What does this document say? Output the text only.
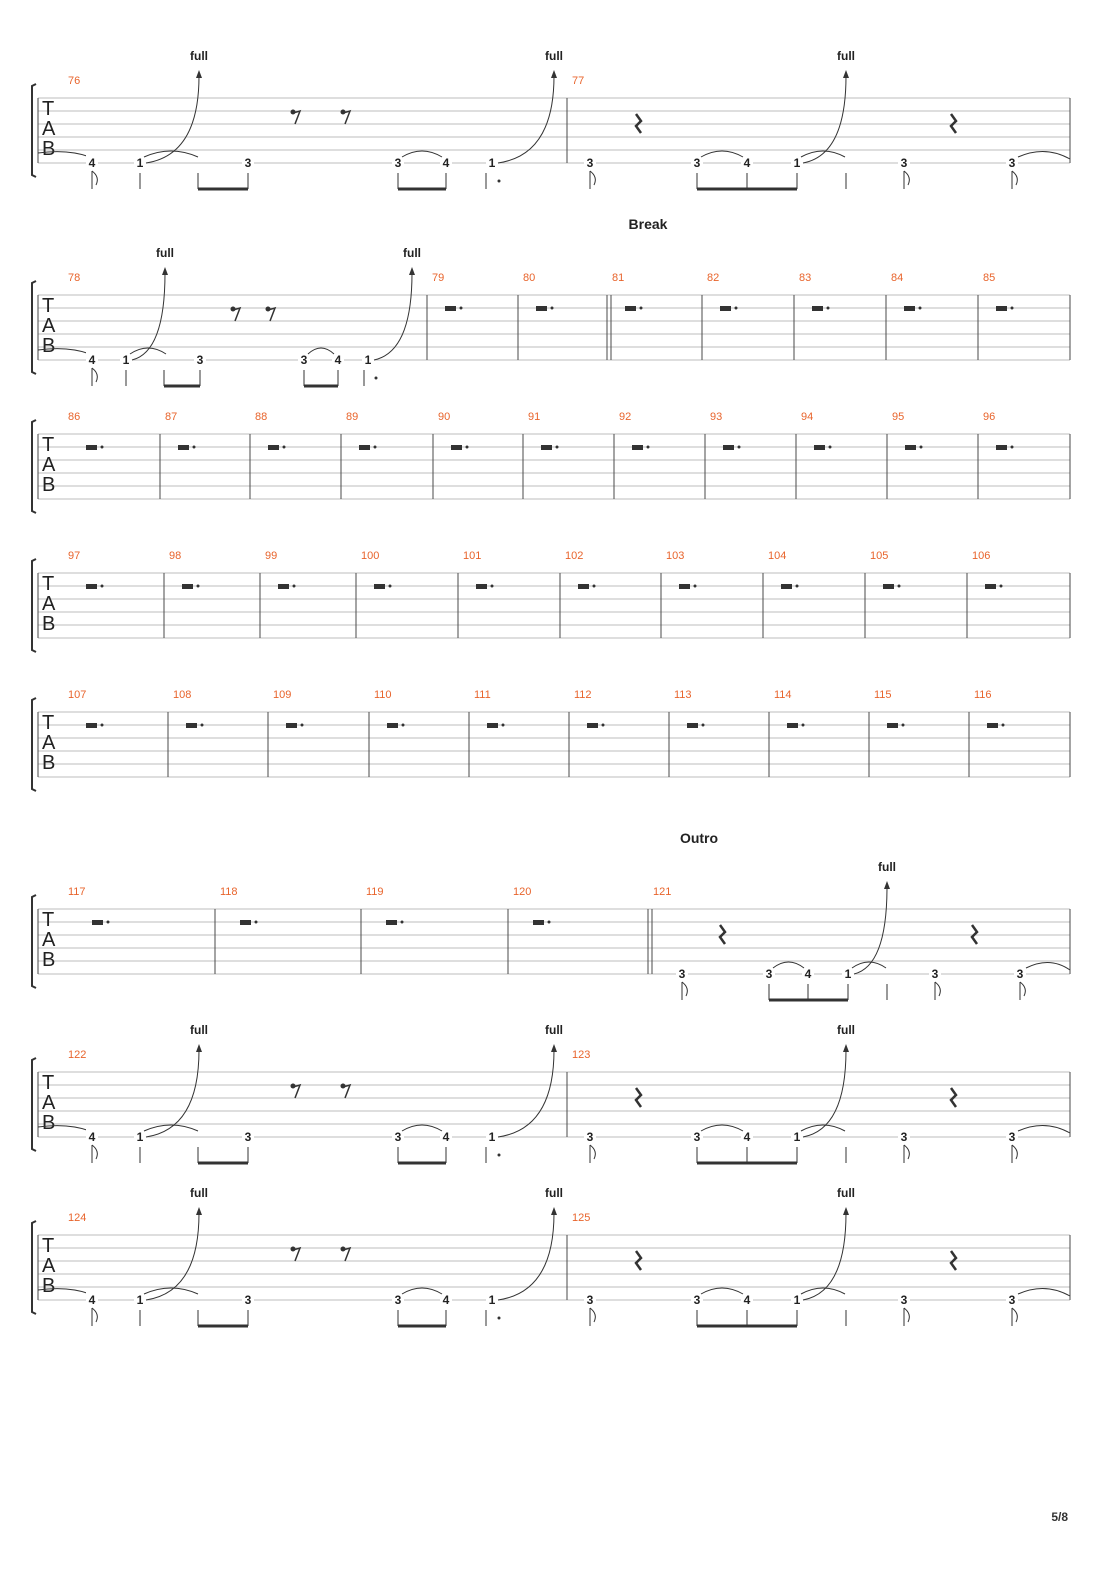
T
A
B
76	77
4	1
full
3	3	4	1
full
3	3	4	1
full
3	3
T
A
B
78	79	80	81	82	83	84	85
4 1
full
3	3 4 1
full
Break
T
A
B
86	87	88	89	90	91	92	93	94	95	96
T
A
B
97	98	99	100	101	102	103	104	105	106
T
A
B
107	108	109	110	111	112	113	114	115	116
T
A
B
117	118	119	120	121
3	3	4	1
full
3	3
Outro
T
A
B
122	123
4	1
full
3	3	4	1
full
3	3	4	1
full
3	3
T
A
B
124	125
4	1
full
3	3	4	1
full
3	3	4	1
full
3	3
5/8
